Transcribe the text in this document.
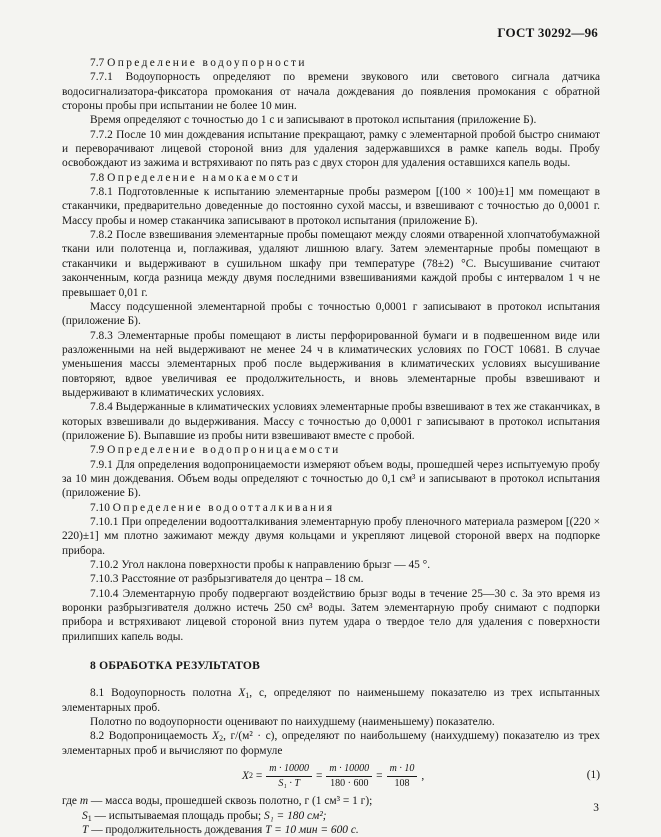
ГОСТ 30292—96

7.7 Определение водоупорности

7.7.1 Водоупорность определяют по времени звукового или светового сигнала датчика водосигнализатора-фиксатора промокания от начала дождевания до появления промокания с обратной стороны пробы при испытании не более 10 мин.

Время определяют с точностью до 1 с и записывают в протокол испытания (приложение Б).

7.7.2 После 10 мин дождевания испытание прекращают, рамку с элементарной пробой быстро снимают и переворачивают лицевой стороной вниз для удаления задержавшихся в рамке капель воды. Пробу освобождают из зажима и встряхивают по пять раз с двух сторон для удаления оставшихся капель воды.

7.8 Определение намокаемости

7.8.1 Подготовленные к испытанию элементарные пробы размером [(100 × 100)±1] мм помещают в стаканчики, предварительно доведенные до постоянно сухой массы, и взвешивают с точностью до 0,0001 г. Массу пробы и номер стаканчика записывают в протокол испытания (приложение Б).

7.8.2 После взвешивания элементарные пробы помещают между слоями отваренной хлопчатобумажной ткани или полотенца и, поглаживая, удаляют лишнюю влагу. Затем элементарные пробы помещают в стаканчики и выдерживают в сушильном шкафу при температуре (78±2) °С. Высушивание считают законченным, когда разница между двумя последними взвешиваниями каждой пробы с интервалом 1 ч не превышает 0,01 г.

Массу подсушенной элементарной пробы с точностью 0,0001 г записывают в протокол испытания (приложение Б).

7.8.3 Элементарные пробы помещают в листы перфорированной бумаги и в подвешенном виде или разложенными на ней выдерживают не менее 24 ч в климатических условиях по ГОСТ 10681. В случае уменьшения массы элементарных проб после выдерживания в климатических условиях высушивание повторяют, вдвое увеличивая ее продолжительность, и вновь элементарные пробы взвешивают и выдерживают в климатических условиях.

7.8.4 Выдержанные в климатических условиях элементарные пробы взвешивают в тех же стаканчиках, в которых взвешивали до выдерживания. Массу с точностью до 0,0001 г записывают в протокол испытания (приложение Б). Выпавшие из пробы нити взвешивают вместе с пробой.

7.9 Определение водопроницаемости

7.9.1 Для определения водопроницаемости измеряют объем воды, прошедшей через испытуемую пробу за 10 мин дождевания. Объем воды определяют с точностью до 0,1 см³ и записывают в протокол испытания (приложение Б).

7.10 Определение водоотталкивания

7.10.1 При определении водоотталкивания элементарную пробу пленочного материала размером [(220 × 220)±1] мм плотно зажимают между двумя кольцами и укрепляют лицевой стороной вверх на подпорке прибора.

7.10.2 Угол наклона поверхности пробы к направлению брызг — 45 °.

7.10.3 Расстояние от разбрызгивателя до центра – 18 см.

7.10.4 Элементарную пробу подвергают воздействию брызг воды в течение 25—30 с. За это время из воронки разбрызгивателя должно истечь 250 см³ воды. Затем элементарную пробу снимают с подпорки прибора и встряхивают лицевой стороной вниз путем удара о твердое тело для удаления с поверхности прилипших капель воды.

8 ОБРАБОТКА РЕЗУЛЬТАТОВ

8.1 Водоупорность полотна $X_1$, с, определяют по наименьшему показателю из трех испытанных элементарных проб.

Полотно по водоупорности оценивают по наихудшему (наименьшему) показателю.

8.2 Водопроницаемость $X_2$, г/(м² · с), определяют по наибольшему (наихудшему) показателю из трех элементарных проб и вычисляют по формуле

X $2 = \frac{m \cdot 10000}{\text{S₁ · T}} = \frac{m \cdot 10000}{180 \cdot 600} = \frac{m \cdot 10}{108}$ ,	(1)

где m — масса воды, прошедшей сквозь полотно, г (1 см³ = 1 г);

$S_1$ — испытываемая площадь пробы; S₁ = 180 см²;

T — продолжительность дождевания T = 10 мин = 600 с.

3
